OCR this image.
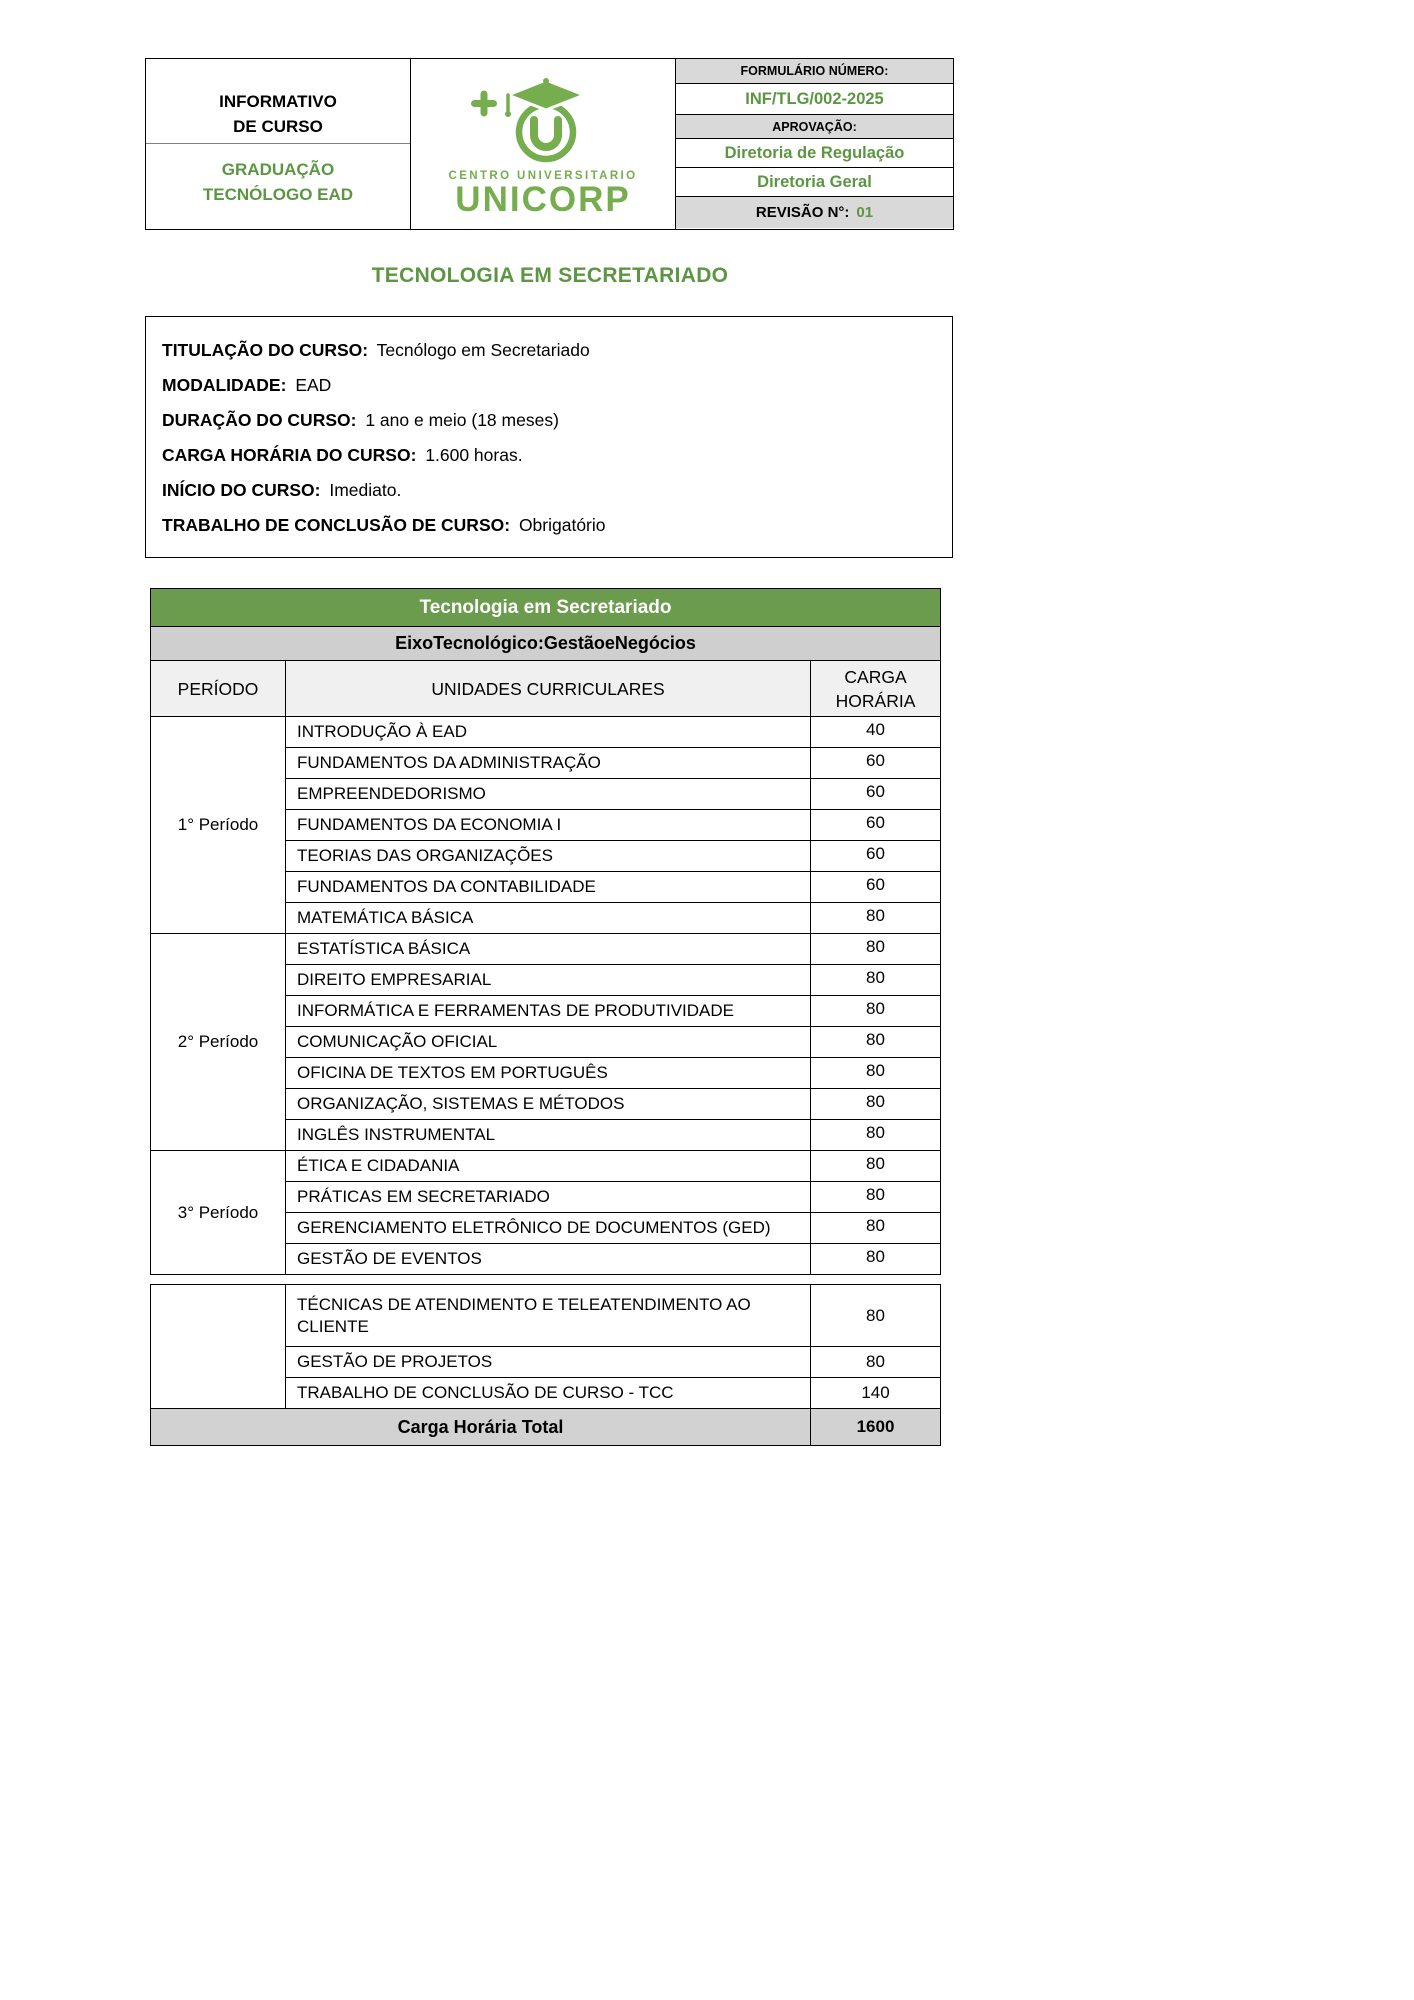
INFORMATIVO
DE CURSO
GRADUAÇÃO
TECNÓLOGO EAD

CENTRO UNIVERSITARIO
UNICORP

FORMULÁRIO NÚMERO:
INF/TLG/002-2025
APROVAÇÃO:
Diretoria de Regulação
Diretoria Geral
REVISÃO N°: 01
TECNOLOGIA EM SECRETARIADO
TITULAÇÃO DO CURSO: Tecnólogo em Secretariado
MODALIDADE: EAD
DURAÇÃO DO CURSO: 1 ano e meio (18 meses)
CARGA HORÁRIA DO CURSO: 1.600 horas.
INÍCIO DO CURSO: Imediato.
TRABALHO DE CONCLUSÃO DE CURSO: Obrigatório
Tecnologia em Secretariado		
EixoTecnológico:GestãoeNegócios		
PERÍODO	UNIDADES CURRICULARES	CARGA HORÁRIA
1° Período	INTRODUÇÃO À EAD	40
	FUNDAMENTOS DA ADMINISTRAÇÃO	60
	EMPREENDEDORISMO	60
	FUNDAMENTOS DA ECONOMIA I	60
	TEORIAS DAS ORGANIZAÇÕES	60
	FUNDAMENTOS DA CONTABILIDADE	60
	MATEMÁTICA BÁSICA	80
2° Período	ESTATÍSTICA BÁSICA	80
	DIREITO EMPRESARIAL	80
	INFORMÁTICA E FERRAMENTAS DE PRODUTIVIDADE	80
	COMUNICAÇÃO OFICIAL	80
	OFICINA DE TEXTOS EM PORTUGUÊS	80
	ORGANIZAÇÃO, SISTEMAS E MÉTODOS	80
	INGLÊS INSTRUMENTAL	80
3° Período	ÉTICA E CIDADANIA	80
	PRÁTICAS EM SECRETARIADO	80
	GERENCIAMENTO ELETRÔNICO DE DOCUMENTOS (GED)	80
	GESTÃO DE EVENTOS	80
	TÉCNICAS DE ATENDIMENTO E TELEATENDIMENTO AO CLIENTE	80
	GESTÃO DE PROJETOS	80
	TRABALHO DE CONCLUSÃO DE CURSO - TCC	140
Carga Horária Total		1600
